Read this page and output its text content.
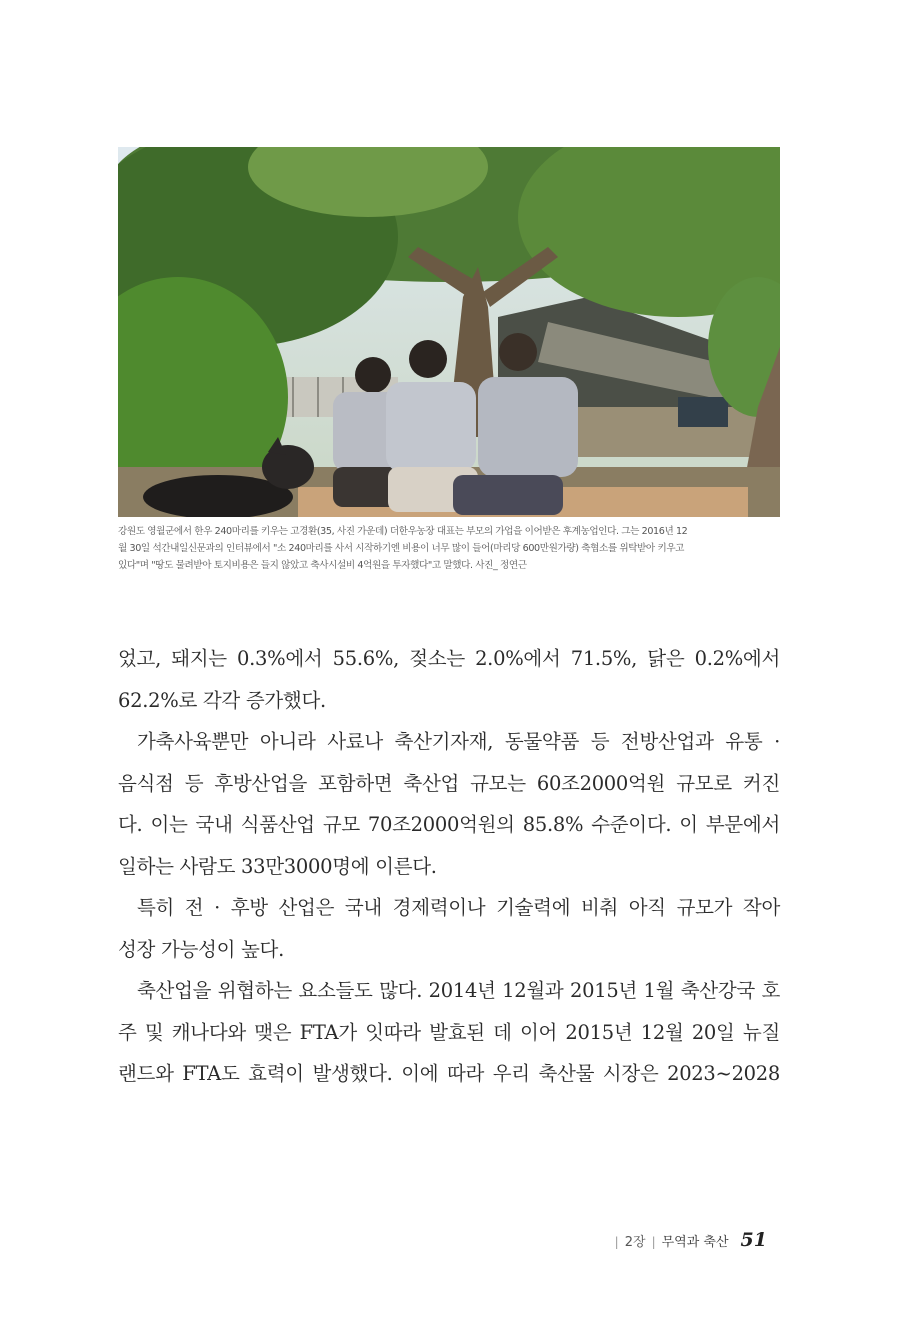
강원도 영월군에서 한우 240마리를 키우는 고경환(35, 사진 가운데) 더한우농장 대표는 부모의 가업을 이어받은 후계농업인다. 그는 2016년 12

월 30일 석간내일신문과의 인터뷰에서 "소 240마리를 사서 시작하기엔 비용이 너무 많이 들어(마리당 600만원가량) 축협소를 위탁받아 키우고

있다"며 "땅도 물려받아 토지비용은 들지 않았고 축사시설비 4억원을 투자했다"고 말했다. 사진_ 정연근

었고, 돼지는 0.3%에서 55.6%, 젖소는 2.0%에서 71.5%, 닭은 0.2%에서
62.2%로 각각 증가했다.
가축사육뿐만 아니라 사료나 축산기자재, 동물약품 등 전방산업과 유통 ·
음식점 등 후방산업을 포함하면 축산업 규모는 60조2000억원 규모로 커진
다. 이는 국내 식품산업 규모 70조2000억원의 85.8% 수준이다. 이 부문에서
일하는 사람도 33만3000명에 이른다.
특히 전 · 후방 산업은 국내 경제력이나 기술력에 비춰 아직 규모가 작아
성장 가능성이 높다.
축산업을 위협하는 요소들도 많다. 2014년 12월과 2015년 1월 축산강국 호
주 및 캐나다와 맺은 FTA가 잇따라 발효된 데 이어 2015년 12월 20일 뉴질
랜드와 FTA도 효력이 발생했다. 이에 따라 우리 축산물 시장은 2023~2028
| 2장 | 무역과 축산 51
